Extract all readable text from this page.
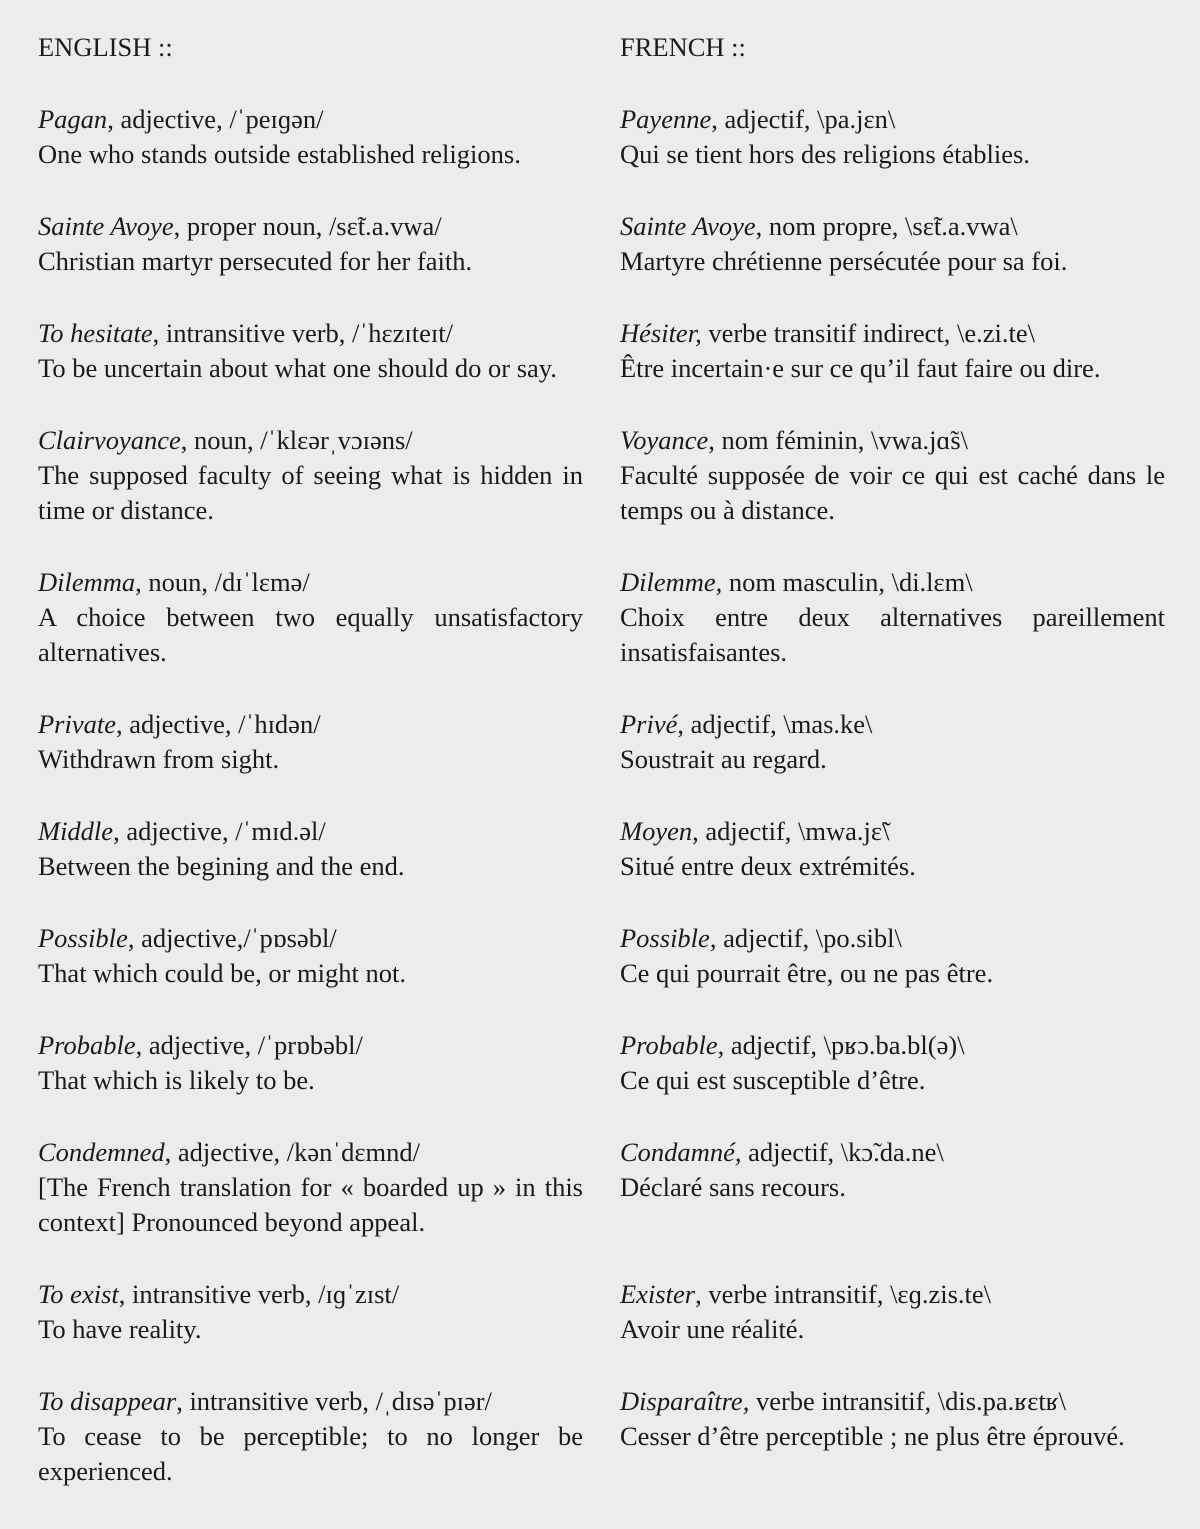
ENGLISH ::	FRENCH ::
Pagan, adjective, /ˈpeɪɡən/
One who stands outside established religions.
Payenne, adjectif, \pa.jɛn\
Qui se tient hors des religions établies.
Sainte Avoye, proper noun, /sɛ̃t.a.vwa/
Christian martyr persecuted for her faith.
Sainte Avoye, nom propre, \sɛ̃t.a.vwa\
Martyre chrétienne persécutée pour sa foi.
To hesitate, intransitive verb, /ˈhɛzɪteɪt/
To be uncertain about what one should do or say.
Hésiter, verbe transitif indirect, \e.zi.te\
Être incertain·e sur ce qu’il faut faire ou dire.
Clairvoyance, noun, /ˈklɛərˌvɔɪəns/
The supposed faculty of seeing what is hidden in time or distance.
Voyance, nom féminin, \vwa.jɑ̃s\
Faculté supposée de voir ce qui est caché dans le temps ou à distance.
Dilemma, noun, /dɪˈlɛmə/
A choice between two equally unsatisfactory alternatives.
Dilemme, nom masculin, \di.lɛm\
Choix entre deux alternatives pareillement insatisfaisantes.
Private, adjective, /ˈhɪdən/
Withdrawn from sight.
Privé, adjectif, \mas.ke\
Soustrait au regard.
Middle, adjective, /ˈmɪd.əl/
Between the begining and the end.
Moyen, adjectif, \mwa.jɛ̃\
Situé entre deux extrémités.
Possible, adjective,/ˈpɒsəbl/
That which could be, or might not.
Possible, adjectif, \po.sibl\
Ce qui pourrait être, ou ne pas être.
Probable, adjective, /ˈprɒbəbl/
That which is likely to be.
Probable, adjectif, \pʁɔ.ba.bl(ə)\
Ce qui est susceptible d’être.
Condemned, adjective, /kənˈdɛmnd/
[The French translation for « boarded up » in this context] Pronounced beyond appeal.
Condamné, adjectif, \kɔ̃.da.ne\
Déclaré sans recours.
To exist, intransitive verb, /ɪɡˈzɪst/
To have reality.
Exister, verbe intransitif, \ɛɡ.zis.te\
Avoir une réalité.
To disappear, intransitive verb, /ˌdɪsəˈpɪər/
To cease to be perceptible; to no longer be experienced.
Disparaître, verbe intransitif, \dis.pa.ʁɛtʁ\
Cesser d’être perceptible ; ne plus être éprouvé.
